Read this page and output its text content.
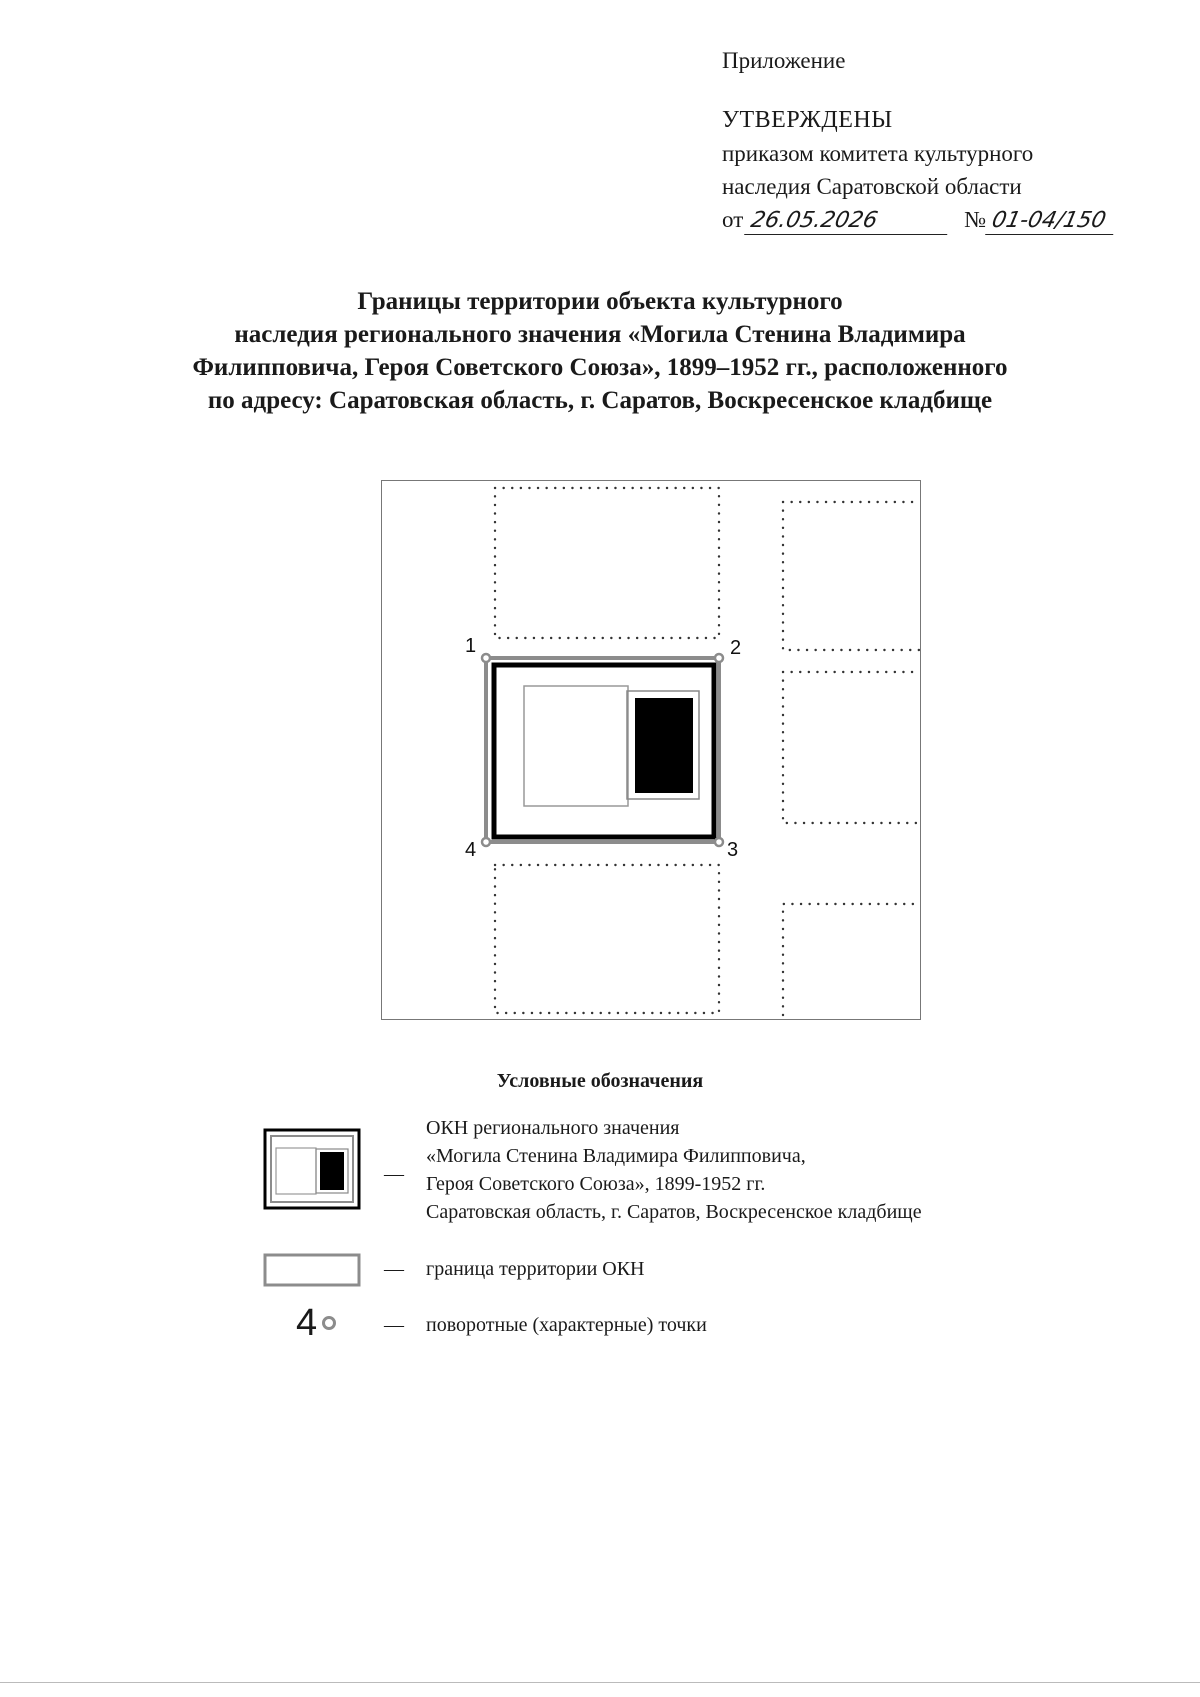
Приложение
УТВЕРЖДЕНЫ
приказом комитета культурного
наследия Саратовской области
от 26.05.2026	№ 01-04/150
Границы территории объекта культурного
наследия регионального значения «Могила Стенина Владимира
Филипповича, Героя Советского Союза», 1899–1952 гг., расположенного
по адресу: Саратовская область, г. Саратов, Воскресенское кладбище
1	2
3
4
Условные обозначения
—
ОКН регионального значения
«Могила Стенина Владимира Филипповича,
Героя Советского Союза», 1899-1952 гг.
Саратовская область, г. Саратов, Воскресенское кладбище
— граница территории ОКН
4	— поворотные (характерные) точки
